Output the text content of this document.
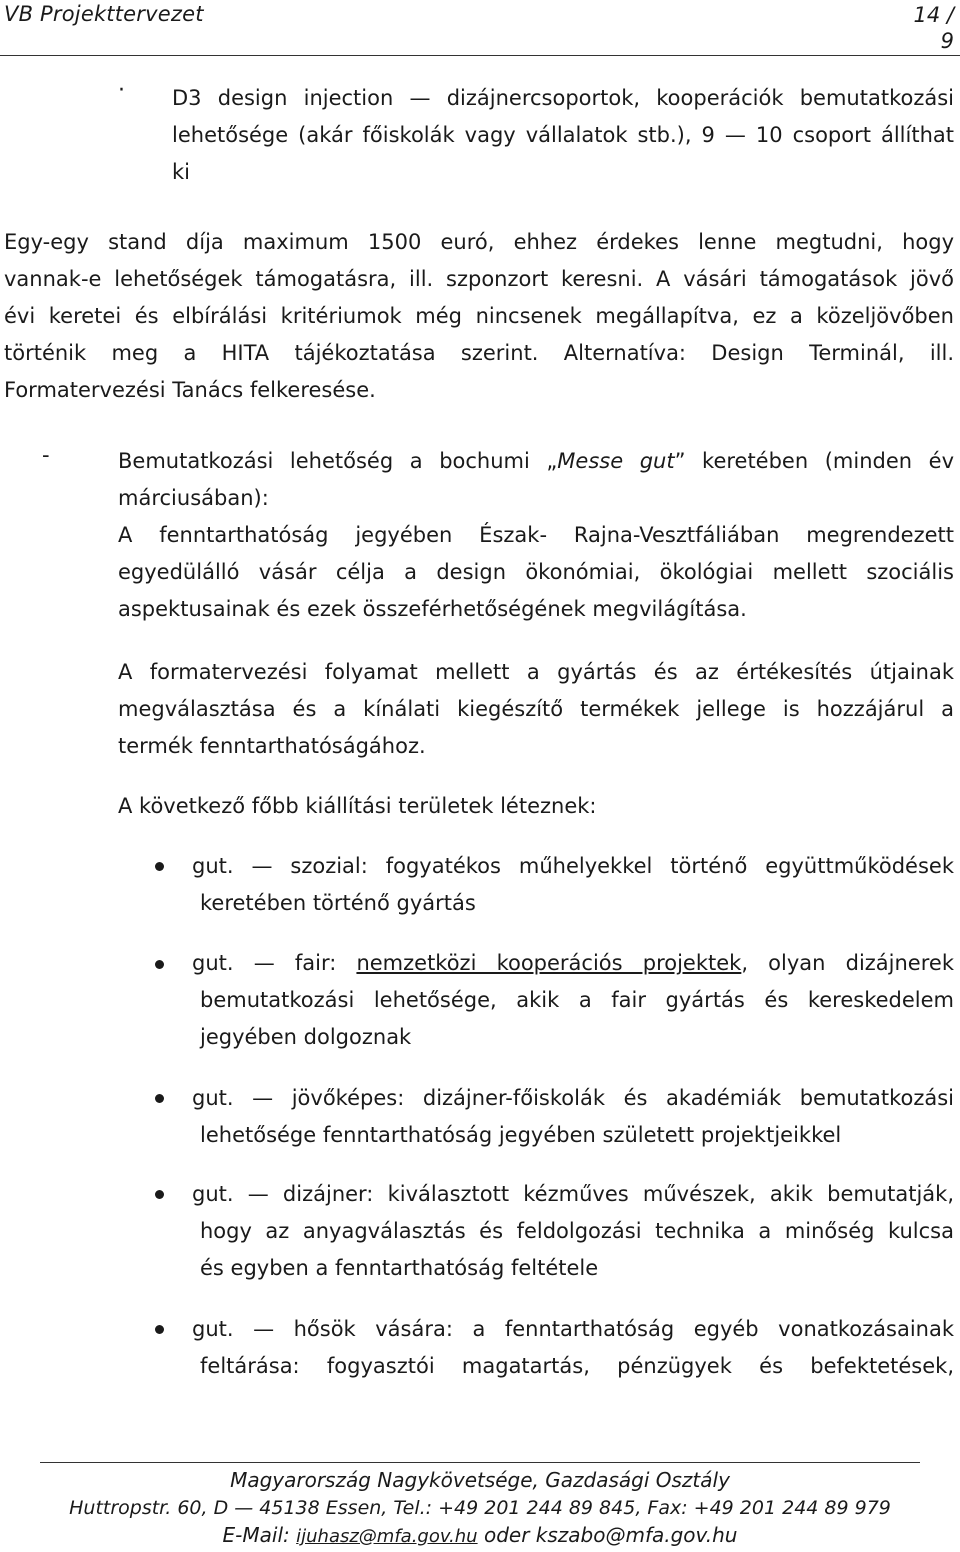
VB Projekttervezet	14 /
9
· D3 design injection — dizájnercsoportok, kooperációk bemutatkozási
lehetősége (akár főiskolák vagy vállalatok stb.), 9 — 10 csoport állíthat
ki
Egy-egy stand díja maximum 1500 euró, ehhez érdekes lenne megtudni, hogy
vannak-e lehetőségek támogatásra, ill. szponzort keresni. A vásári támogatások jövő
évi keretei és elbírálási kritériumok még nincsenek megállapítva, ez a közeljövőben
történik meg a HITA tájékoztatása szerint. Alternatíva: Design Terminál, ill.
Formatervezési Tanács felkeresése.
-	Bemutatkozási lehetőség a bochumi „Messe gut” keretében (minden év
márciusában):
A fenntarthatóság jegyében Észak- Rajna-Vesztfáliában megrendezett
egyedülálló vásár célja a design ökonómiai, ökológiai mellett szociális
aspektusainak és ezek összeférhetőségének megvilágítása.
A formatervezési folyamat mellett a gyártás és az értékesítés útjainak
megválasztása és a kínálati kiegészítő termékek jellege is hozzájárul a
termék fenntarthatóságához.
A következő főbb kiállítási területek léteznek:
gut. — szozial: fogyatékos műhelyekkel történő együttműködések
keretében történő gyártás
gut. — fair: nemzetközi kooperációs projektek, olyan dizájnerek
bemutatkozási lehetősége, akik a fair gyártás és kereskedelem
jegyében dolgoznak
gut. — jövőképes: dizájner-főiskolák és akadémiák bemutatkozási
lehetősége fenntarthatóság jegyében született projektjeikkel
gut. — dizájner: kiválasztott kézműves művészek, akik bemutatják,
hogy az anyagválasztás és feldolgozási technika a minőség kulcsa
és egyben a fenntarthatóság feltétele
gut. — hősök vására: a fenntarthatóság egyéb vonatkozásainak
feltárása: fogyasztói magatartás, pénzügyek és befektetések,
Magyarország Nagykövetsége, Gazdasági Osztály
Huttropstr. 60, D — 45138 Essen, Tel.: +49 201 244 89 845, Fax: +49 201 244 89 979
E-Mail: ijuhasz@mfa.gov.hu oder kszabo@mfa.gov.hu
